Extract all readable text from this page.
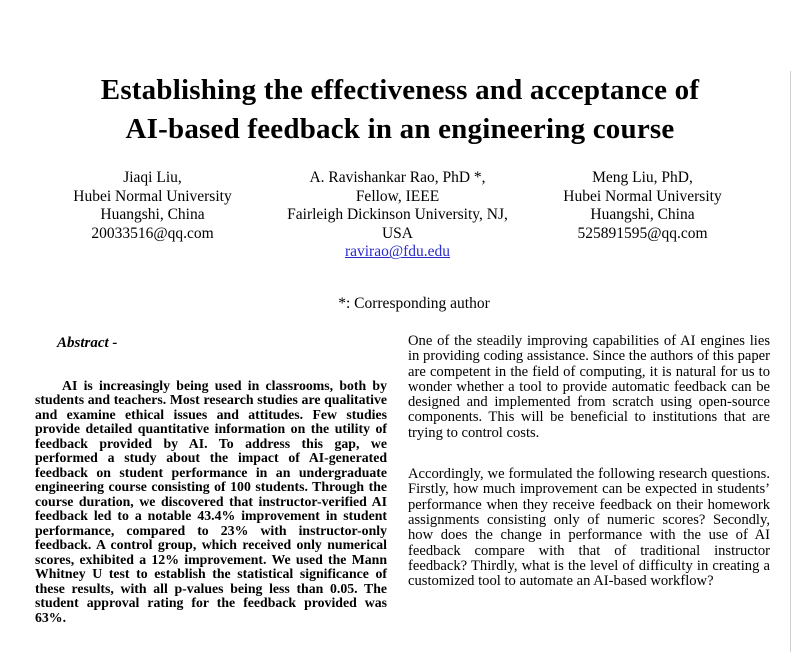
Establishing the effectiveness and acceptance of
AI-based feedback in an engineering course
Jiaqi Liu,
Hubei Normal University
Huangshi, China
20033516@qq.com
A. Ravishankar Rao, PhD *,
Fellow, IEEE
Fairleigh Dickinson University, NJ, USA
ravirao@fdu.edu
Meng Liu, PhD,
Hubei Normal University
Huangshi, China
525891595@qq.com
*: Corresponding author
Abstract -
AI is increasingly being used in classrooms, both by students and teachers. Most research studies are qualitative and examine ethical issues and attitudes. Few studies provide detailed quantitative information on the utility of feedback provided by AI. To address this gap, we performed a study about the impact of AI-generated feedback on student performance in an undergraduate engineering course consisting of 100 students. Through the course duration, we discovered that instructor-verified AI feedback led to a notable 43.4% improvement in student performance, compared to 23% with instructor-only feedback. A control group, which received only numerical scores, exhibited a 12% improvement. We used the Mann Whitney U test to establish the statistical significance of these results, with all p-values being less than 0.05. The student approval rating for the feedback provided was 63%.

One of the steadily improving capabilities of AI engines lies in providing coding assistance. Since the authors of this paper are competent in the field of computing, it is natural for us to wonder whether a tool to provide automatic feedback can be designed and implemented from scratch using open-source components. This will be beneficial to institutions that are trying to control costs.

Accordingly, we formulated the following research questions. Firstly, how much improvement can be expected in students’ performance when they receive feedback on their homework assignments consisting only of numeric scores? Secondly, how does the change in performance with the use of AI feedback compare with that of traditional instructor feedback? Thirdly, what is the level of difficulty in creating a customized tool to automate an AI-based workflow?
